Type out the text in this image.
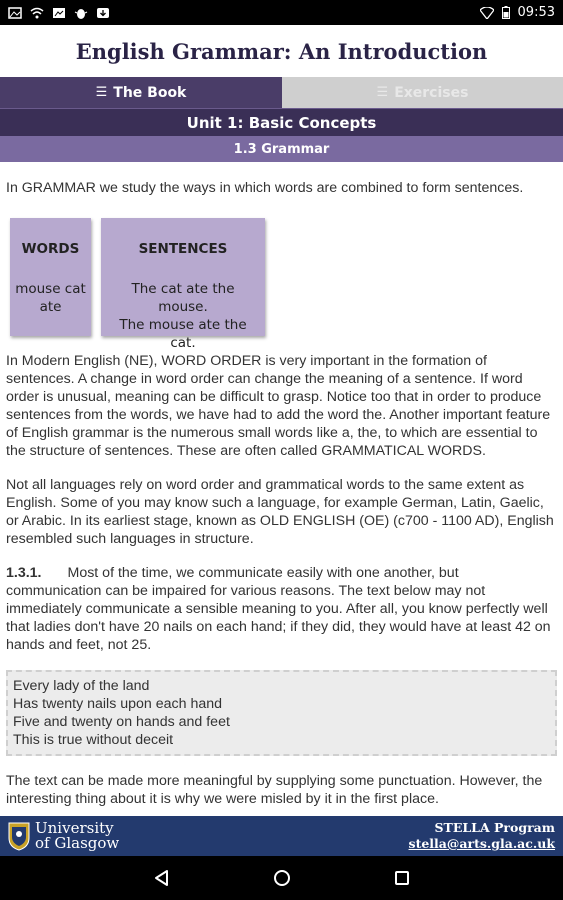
09:53
English Grammar: An Introduction
☰ The Book	☰ Exercises
Unit 1: Basic Concepts
1.3 Grammar

In GRAMMAR we study the ways in which words are combined to form sentences.

WORDS
mouse cat ate
SENTENCES
The cat ate the mouse.
The mouse ate the cat.

In Modern English (NE), WORD ORDER is very important in the formation of sentences. A change in word order can change the meaning of a sentence. If word order is unusual, meaning can be difficult to grasp. Notice too that in order to produce sentences from the words, we have had to add the word the. Another important feature of English grammar is the numerous small words like a, the, to which are essential to the structure of sentences. These are often called GRAMMATICAL WORDS.

Not all languages rely on word order and grammatical words to the same extent as English. Some of you may know such a language, for example German, Latin, Gaelic, or Arabic. In its earliest stage, known as OLD ENGLISH (OE) (c700 - 1100 AD), English resembled such languages in structure.

1.3.1. Most of the time, we communicate easily with one another, but communication can be impaired for various reasons. The text below may not immediately communicate a sensible meaning to you. After all, you know perfectly well that ladies don't have 20 nails on each hand; if they did, they would have at least 42 on hands and feet, not 25.

Every lady of the land
Has twenty nails upon each hand
Five and twenty on hands and feet
This is true without deceit

The text can be made more meaningful by supplying some punctuation. However, the interesting thing about it is why we were misled by it in the first place.

University
of Glasgow
STELLA Program
stella@arts.gla.ac.uk
